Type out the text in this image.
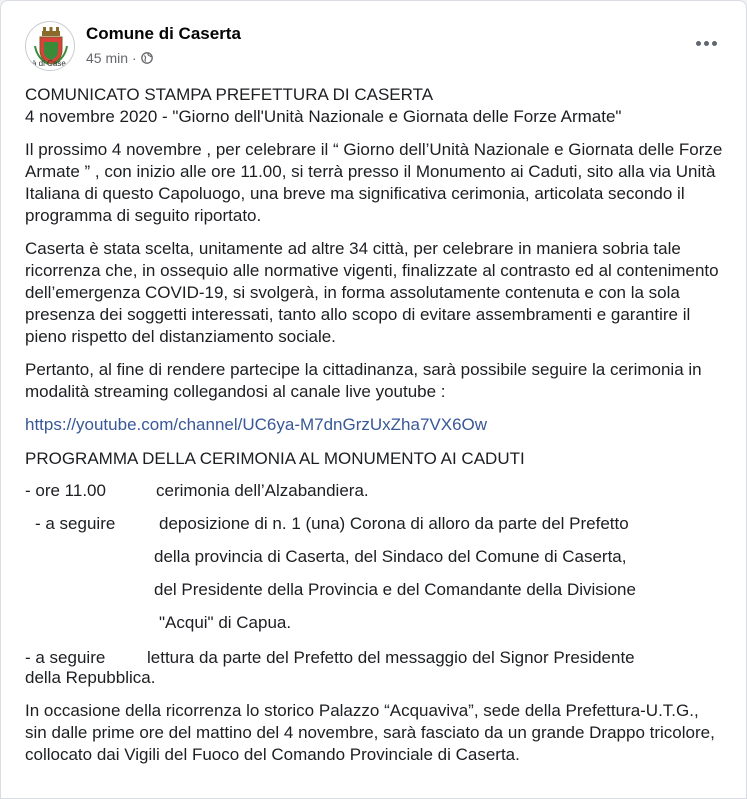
ità di Case
Comune di Caserta
45 min ·

COMUNICATO STAMPA PREFETTURA DI CASERTA
4 novembre 2020 - "Giorno dell'Unità Nazionale e Giornata delle Forze Armate"

Il prossimo 4 novembre , per celebrare il “ Giorno dell’Unità Nazionale e Giornata delle Forze Armate ” , con inizio alle ore 11.00, si terrà presso il Monumento ai Caduti, sito alla via Unità Italiana di questo Capoluogo, una breve ma significativa cerimonia, articolata secondo il programma di seguito riportato.

Caserta è stata scelta, unitamente ad altre 34 città, per celebrare in maniera sobria tale ricorrenza che, in ossequio alle normative vigenti, finalizzate al contrasto ed al contenimento dell’emergenza COVID-19, si svolgerà, in forma assolutamente contenuta e con la sola presenza dei soggetti interessati, tanto allo scopo di evitare assembramenti e garantire il pieno rispetto del distanziamento sociale.

Pertanto, al fine di rendere partecipe la cittadinanza, sarà possibile seguire la cerimonia in modalità streaming collegandosi al canale live youtube :

https://youtube.com/channel/UC6ya-M7dnGrzUxZha7VX6Ow

PROGRAMMA DELLA CERIMONIA AL MONUMENTO AI CADUTI

- ore 11.00	cerimonia dell’Alzabandiera.
- a seguire	deposizione di n. 1 (una) Corona di alloro da parte del Prefetto
della provincia di Caserta, del Sindaco del Comune di Caserta,
del Presidente della Provincia e del Comandante della Divisione
"Acqui" di Capua.
- a seguire lettura da parte del Prefetto del messaggio del Signor Presidente
della Repubblica.

In occasione della ricorrenza lo storico Palazzo “Acquaviva”, sede della Prefettura-U.T.G., sin dalle prime ore del mattino del 4 novembre, sarà fasciato da un grande Drappo tricolore, collocato dai Vigili del Fuoco del Comando Provinciale di Caserta.
